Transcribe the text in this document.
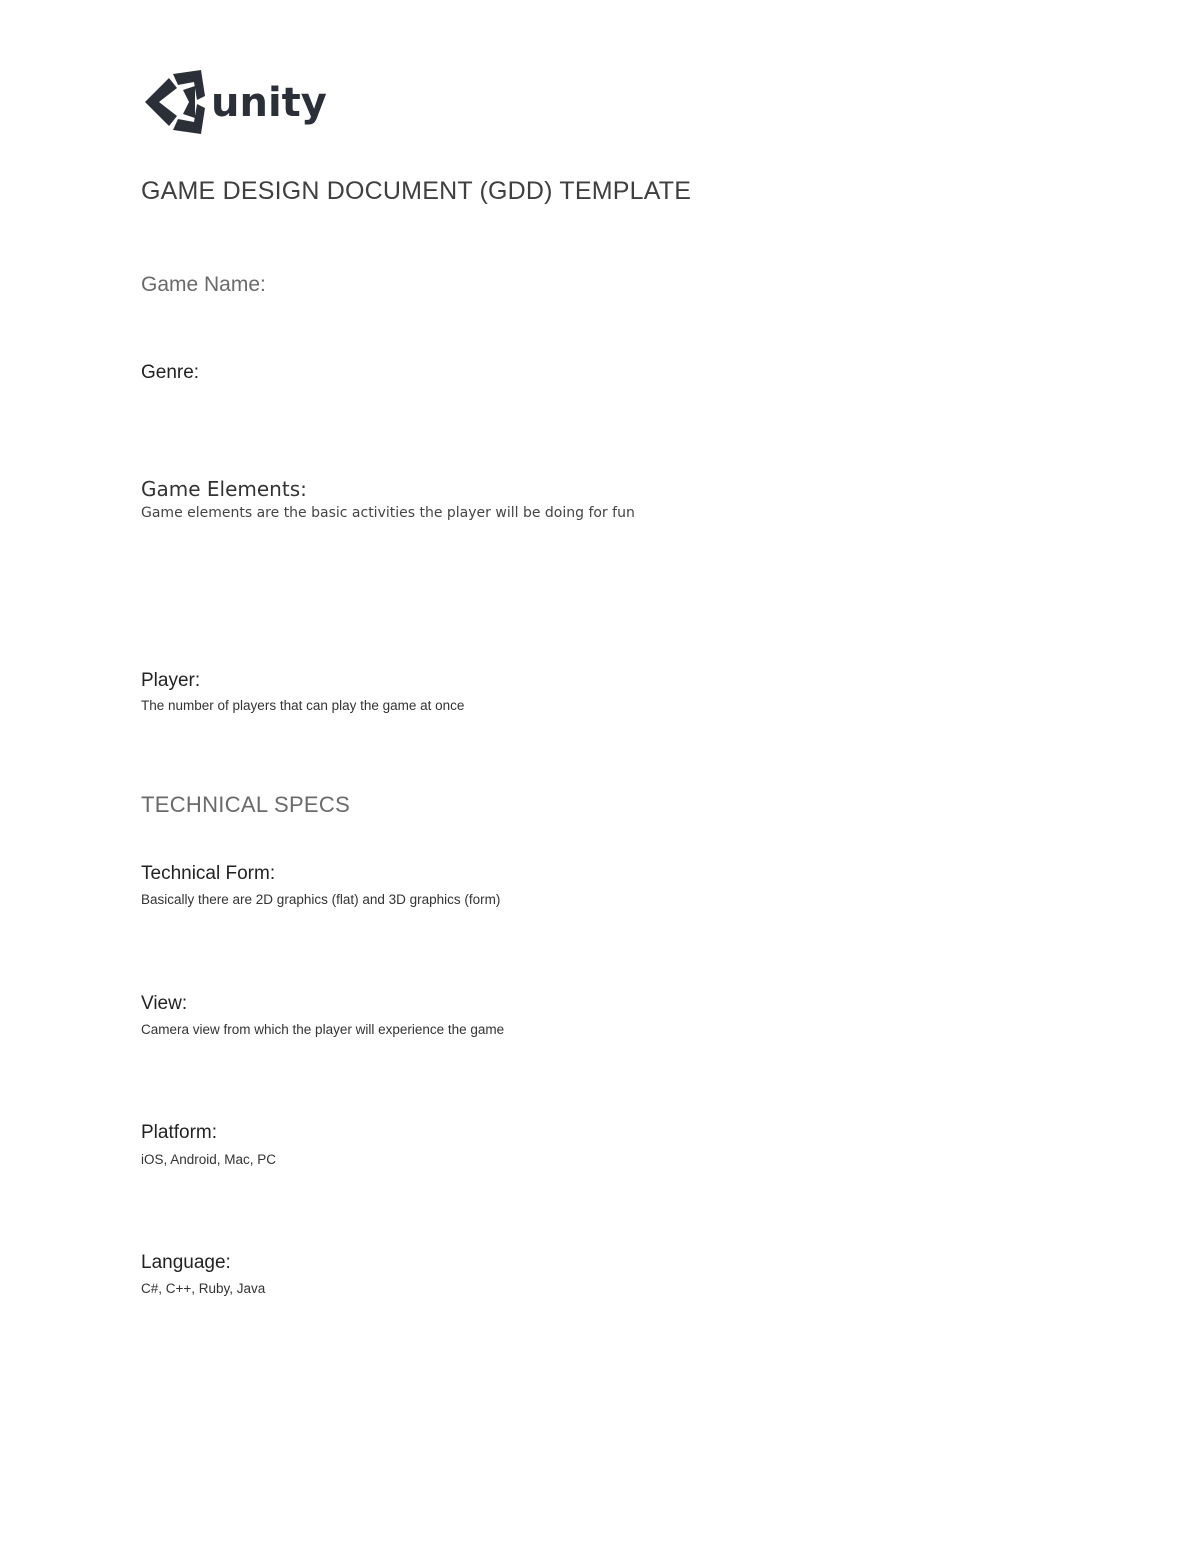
unity
GAME DESIGN DOCUMENT (GDD) TEMPLATE
Game Name:
Genre:
Game Elements:
Game elements are the basic activities the player will be doing for fun
Player:
The number of players that can play the game at once
TECHNICAL SPECS
Technical Form:
Basically there are 2D graphics (flat) and 3D graphics (form)
View:
Camera view from which the player will experience the game
Platform:
iOS, Android, Mac, PC
Language:
C#, C++, Ruby, Java
